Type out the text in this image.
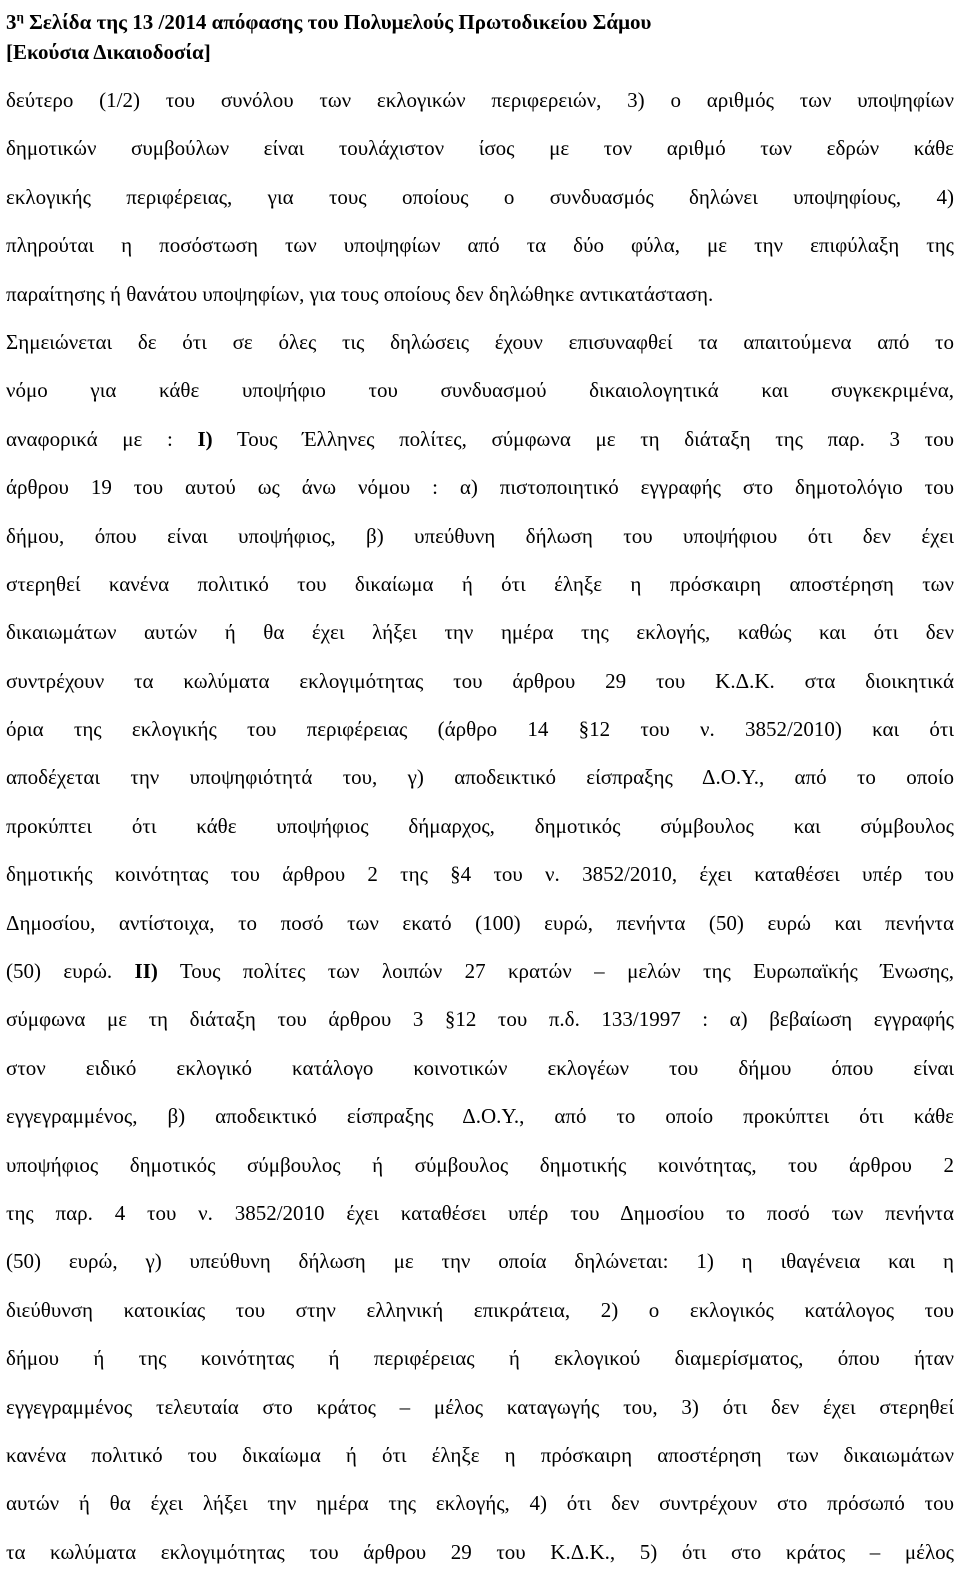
$3^\eta$ Σελίδα της 13 /2014 απόφασης του Πολυμελούς Πρωτοδικείου Σάμου
[Εκούσια Δικαιοδοσία]
δεύτερο (1/2) του συνόλου των εκλογικών περιφερειών, 3) ο αριθμός των υποψηφίων
δημοτικών συμβούλων είναι τουλάχιστον ίσος με τον αριθμό των εδρών κάθε
εκλογικής περιφέρειας, για τους οποίους ο συνδυασμός δηλώνει υποψηφίους, 4)
πληρούται η ποσόστωση των υποψηφίων από τα δύο φύλα, με την επιφύλαξη της
παραίτησης ή θανάτου υποψηφίων, για τους οποίους δεν δηλώθηκε αντικατάσταση.
Σημειώνεται δε ότι σε όλες τις δηλώσεις έχουν επισυναφθεί τα απαιτούμενα από το
νόμο για κάθε υποψήφιο του συνδυασμού δικαιολογητικά και συγκεκριμένα,
αναφορικά με : Ι) Τους Έλληνες πολίτες, σύμφωνα με τη διάταξη της παρ. 3 του
άρθρου 19 του αυτού ως άνω νόμου : α) πιστοποιητικό εγγραφής στο δημοτολόγιο του
δήμου, όπου είναι υποψήφιος, β) υπεύθυνη δήλωση του υποψήφιου ότι δεν έχει
στερηθεί κανένα πολιτικό του δικαίωμα ή ότι έληξε η πρόσκαιρη αποστέρηση των
δικαιωμάτων αυτών ή θα έχει λήξει την ημέρα της εκλογής, καθώς και ότι δεν
συντρέχουν τα κωλύματα εκλογιμότητας του άρθρου 29 του Κ.Δ.Κ. στα διοικητικά
όρια της εκλογικής του περιφέρειας (άρθρο 14 §12 του ν. 3852/2010) και ότι
αποδέχεται την υποψηφιότητά του, γ) αποδεικτικό είσπραξης Δ.Ο.Υ., από το οποίο
προκύπτει ότι κάθε υποψήφιος δήμαρχος, δημοτικός σύμβουλος και σύμβουλος
δημοτικής κοινότητας του άρθρου 2 της §4 του ν. 3852/2010, έχει καταθέσει υπέρ του
Δημοσίου, αντίστοιχα, το ποσό των εκατό (100) ευρώ, πενήντα (50) ευρώ και πενήντα
(50) ευρώ. ΙΙ) Τους πολίτες των λοιπών 27 κρατών – μελών της Ευρωπαϊκής Ένωσης,
σύμφωνα με τη διάταξη του άρθρου 3 §12 του π.δ. 133/1997 : α) βεβαίωση εγγραφής
στον ειδικό εκλογικό κατάλογο κοινοτικών εκλογέων του δήμου όπου είναι
εγγεγραμμένος, β) αποδεικτικό είσπραξης Δ.Ο.Υ., από το οποίο προκύπτει ότι κάθε
υποψήφιος δημοτικός σύμβουλος ή σύμβουλος δημοτικής κοινότητας, του άρθρου 2
της παρ. 4 του ν. 3852/2010 έχει καταθέσει υπέρ του Δημοσίου το ποσό των πενήντα
(50) ευρώ, γ) υπεύθυνη δήλωση με την οποία δηλώνεται: 1) η ιθαγένεια και η
διεύθυνση κατοικίας του στην ελληνική επικράτεια, 2) ο εκλογικός κατάλογος του
δήμου ή της κοινότητας ή περιφέρειας ή εκλογικού διαμερίσματος, όπου ήταν
εγγεγραμμένος τελευταία στο κράτος – μέλος καταγωγής του, 3) ότι δεν έχει στερηθεί
κανένα πολιτικό του δικαίωμα ή ότι έληξε η πρόσκαιρη αποστέρηση των δικαιωμάτων
αυτών ή θα έχει λήξει την ημέρα της εκλογής, 4) ότι δεν συντρέχουν στο πρόσωπό του
τα κωλύματα εκλογιμότητας του άρθρου 29 του Κ.Δ.Κ., 5) ότι στο κράτος – μέλος
